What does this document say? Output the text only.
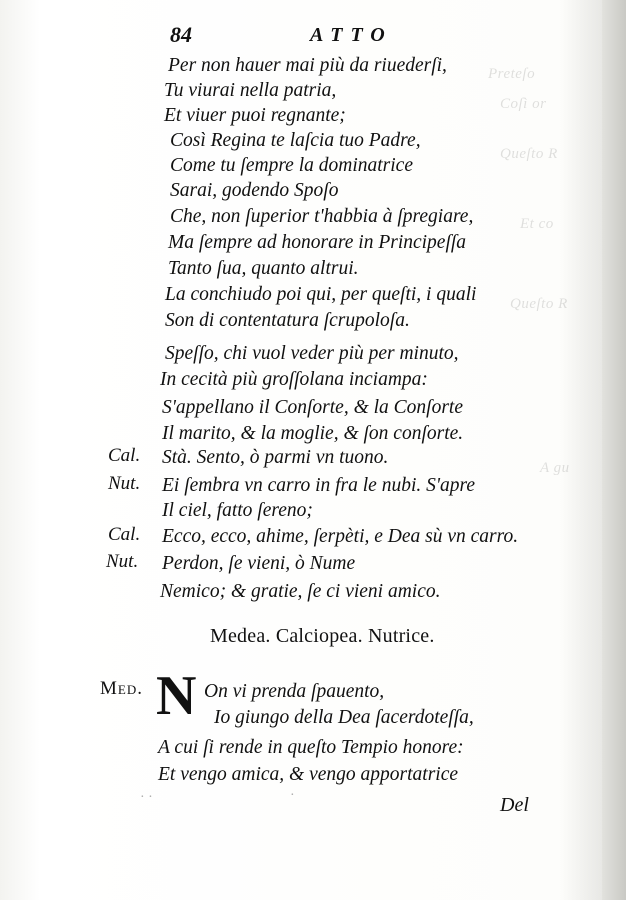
Preteſo
Coſì or
Queſto R
Et co
Queſto R
A gu
84	ATTO
Per non hauer mai più da riuederſi,
Tu viurai nella patria,
Et viuer puoi regnante;
Così Regina te laſcia tuo Padre,
Come tu ſempre la dominatrice
Sarai, godendo Spoſo
Che, non ſuperior t'habbia à ſpregiare,
Ma ſempre ad honorare in Principeſſa
Tanto ſua, quanto altrui.
La conchiudo poi qui, per queſti, i quali
Son di contentatura ſcrupoloſa.
Speſſo, chi vuol veder più per minuto,
In cecità più groſſolana inciampa:
S'appellano il Conſorte, & la Conſorte
Il marito, & la moglie, & ſon conſorte.
Cal. Stà. Sento, ò parmi vn tuono.
Nut. Ei ſembra vn carro in fra le nubi. S'apre
Il ciel, fatto ſereno;
Cal. Ecco, ecco, ahime, ſerpèti, e Dea sù vn carro.
Nut. Perdon, ſe vieni, ò Nume
Nemico; & gratie, ſe ci vieni amico.
Medea. Calciopea. Nutrice.
Med. N On vi prenda ſpauento,
Io giungo della Dea ſacerdoteſſa,
A cui ſi rende in queſto Tempio honore:
Et vengo amica, & vengo apportatrice
· ·	·	Del
